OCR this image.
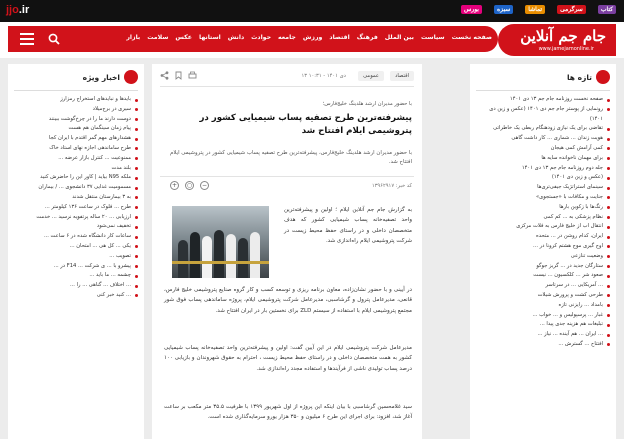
jjo.ir	بورس	سبزه	تماشا	سرگرمی	کتاب
صفحه نخست
سیاست
بین الملل
فرهنگ
اقتصاد
ورزش
جامعه
حوادث
دانش
استانها
عکس
سلامت
بازار	جام جم آنلاین
www.jamejamonline.ir
تازه ها
صفحه نخست روزنامه جام جم ۱۳ دی ۱۴۰۱
رونمایی از پوستر جام جم دی ۱۴۰۱ (عکس و زین دی ۱۴۰۱)
تقاضی برای یک نیازی زودهنگام ربطی یک خاطراتی
هویت زندان ... شماری ... کار داشت گاهی
کمی آرامش کمی هیجان
برای مهمان ناخوانده سایه ها
جله دوم روزنامه جام جم ۱۳ دی ۱۴۰۱
(عکس و زین دی ۱۴۰۱)
سینمای استراتژیک جیفی‌تری‌ها
جنایت و مکافات با «جستجوی»
رتگ‌ها با زکوین بارها
نظام پزشکی به ... کم کمی
انتقال اب از خلیج فارس به فلات مرکزی
ایران، کدام روشن در ... متحده
اوج گیری موج هشتم کرونا در ...
وضعیت تنازعی
ستارگان جدید در ... گریز جوگو
صعود شر ... کلکسیون ... نیست
... آمریکایی ... در سرتاسر
طرحی کشت و پرورش شیلات
بامداد ... رایزنی تازه
غبار ... پرسپولیس و ... خواب ...
تبلیغات هم هزینه جدی پیدا ...
... ایران ... هم آینده ... نیاز ...
افتتاح ... گسترش ...
اخبار ویژه
بایدها و نبایدهای استخراج رمزارز
سیری در برج‌میلاد
دوست دارند ما را در چرخ‌گوشت ببینند
پیام زمان سینگمان هم هست
هشدارهای مهم گمر اقتدم با ایران کجا
طرح ساماندهی اجازه نهای استاد خاک
ممنوعیت ... کنترل بازار عرضه ...
بلند مدت
ملکه N95 بیاید | کاور این را حاضرش کنید
مسمومیت غذایی ۳۷ دانشجوی ... / بیماران
به ۳ بیمارستان منتقل شدند
طرح ... فلوک در ساعت ۱۳۶ کیلومتر ...
ارزیابی ... ۲۰ ساله پرتفویه نرسید ... خدمت
تخفیف نمی‌شود
ساعات کار دانشگاه شده در ۶ ساعت ...
یکی ... کل هی ... امتحان ...
تصویب ...
پیشرو با ... ی شرکت ... F14 در ...
چشمه ... ما باید ...
... اختلاف ... گناهی ... را ...
... کنید خبر کنی
اقتصاد
عمومی
۱۳ دی ۱۴۰۱ - ۱۰:۳۱
با حضور مدیران ارشد هلدینگ خلیج‌فارس؛
پیشرفته‌ترین طرح تصفیه پساب شیمیایی کشور در پتروشیمی ایلام افتتاح شد
با حضور مدیران ارشد هلدینگ خلیج‌فارس، پیشرفته‌ترین طرح تصفیه پساب شیمیایی کشور در پتروشیمی ایلام افتتاح شد.
کد خبر: ۱۳۹۶۲۹۱۷
+	○	−
به گزارش جام جم آنلاین ایلام ؛ اولین و پیشرفته‌ترین واحد تصفیه‌خانه پساب شیمیایی کشور که هدف متخصصان داخلی و در راستای حفظ محیط زیست در شرکت پتروشیمی ایلام راه‌اندازی شد.
در آیینی و با حضور نشان‌زاده، معاون برنامه ریزی و توسعه کسب و کار گروه صنایع پتروشیمی خلیج فارس، قانعی، مدیرعامل پترول و گرشاسبی، مدیرعامل شرکت پتروشیمی ایلام، پروژه ساماندهی پساب فوق شور مجتمع پتروشیمی ایلام با استفاده از سیستم ZLD برای نخستین بار در ایران افتتاح شد.
مدیرعامل شرکت پتروشیمی ایلام در این آیین گفت: اولین و پیشرفته‌ترین واحد تصفیه‌خانه پساب شیمیایی کشور به همت متخصصان داخلی و در راستای حفظ محیط زیست ، احترام به حقوق شهروندان و بازیابی ۱۰۰ درصد پساب تولیدی ناشی از فرآیندها و استفاده مجدد راه‌اندازی شد.
سید غلامحسین گرشاسبی با بیان اینکه این پروژه از اول شهریور ۱۳۹۹ با ظرفیت ۳۵.۵ متر مکعب بر ساعت آغاز شد، افزود: برای اجرای این طرح ۶ میلیون و ۳۵۰ هزار یورو سرمایه‌گذاری شده است.
